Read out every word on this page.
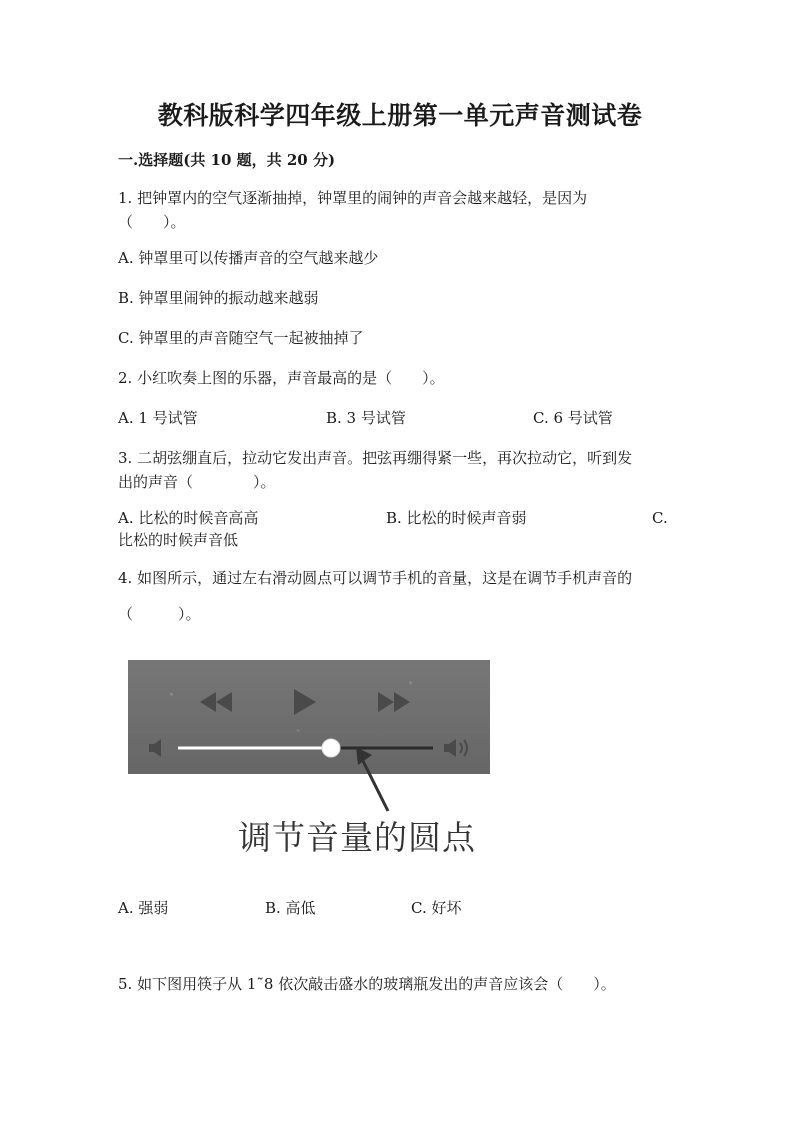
教科版科学四年级上册第一单元声音测试卷
一.选择题(共 10 题，共 20 分)
1. 把钟罩内的空气逐渐抽掉，钟罩里的闹钟的声音会越来越轻，是因为
（　　）。
A. 钟罩里可以传播声音的空气越来越少
B. 钟罩里闹钟的振动越来越弱
C. 钟罩里的声音随空气一起被抽掉了
2. 小红吹奏上图的乐器，声音最高的是（　　）。
A. 1 号试管	B. 3 号试管	C. 6 号试管
3. 二胡弦绷直后，拉动它发出声音。把弦再绷得紧一些，再次拉动它，听到发
出的声音（　　　　）。
A. 比松的时候音高高	B. 比松的时候声音弱	C.
比松的时候声音低
4. 如图所示，通过左右滑动圆点可以调节手机的音量，这是在调节手机声音的
（　　　）。
调节音量的圆点
A. 强弱	B. 高低	C. 好坏
5. 如下图用筷子从 1˜8 依次敲击盛水的玻璃瓶发出的声音应该会（　　）。
